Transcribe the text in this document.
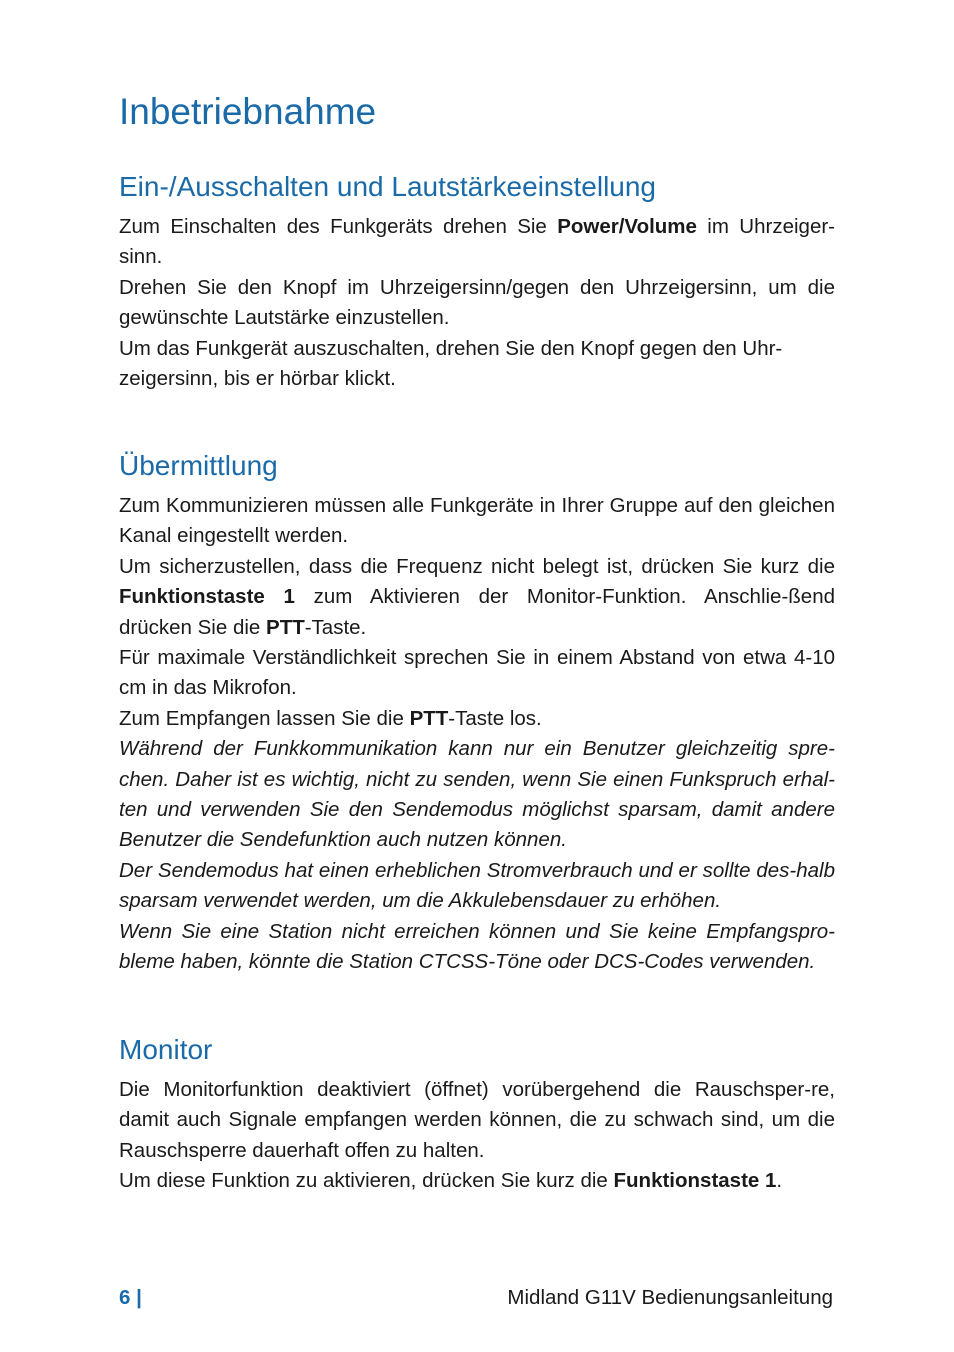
Inbetriebnahme
Ein-/Ausschalten und Lautstärkeeinstellung

Zum Einschalten des Funkgeräts drehen Sie Power/Volume im Uhrzeiger-sinn.

Drehen Sie den Knopf im Uhrzeigersinn/gegen den Uhrzeigersinn, um die gewünschte Lautstärke einzustellen.

Um das Funkgerät auszuschalten, drehen Sie den Knopf gegen den Uhr-zeigersinn, bis er hörbar klickt.

Übermittlung

Zum Kommunizieren müssen alle Funkgeräte in Ihrer Gruppe auf den gleichen Kanal eingestellt werden.

Um sicherzustellen, dass die Frequenz nicht belegt ist, drücken Sie kurz die Funktionstaste 1 zum Aktivieren der Monitor-Funktion. Anschlie-ßend drücken Sie die PTT-Taste.

Für maximale Verständlichkeit sprechen Sie in einem Abstand von etwa 4-10 cm in das Mikrofon.

Zum Empfangen lassen Sie die PTT-Taste los.

Während der Funkkommunikation kann nur ein Benutzer gleichzeitig spre-chen. Daher ist es wichtig, nicht zu senden, wenn Sie einen Funkspruch erhal-ten und verwenden Sie den Sendemodus möglichst sparsam, damit andere Benutzer die Sendefunktion auch nutzen können.

Der Sendemodus hat einen erheblichen Stromverbrauch und er sollte des-halb sparsam verwendet werden, um die Akkulebensdauer zu erhöhen.

Wenn Sie eine Station nicht erreichen können und Sie keine Empfangspro-bleme haben, könnte die Station CTCSS-Töne oder DCS-Codes verwenden.

Monitor

Die Monitorfunktion deaktiviert (öffnet) vorübergehend die Rauschsper-re, damit auch Signale empfangen werden können, die zu schwach sind, um die Rauschsperre dauerhaft offen zu halten.

Um diese Funktion zu aktivieren, drücken Sie kurz die Funktionstaste 1.

6 |	Midland G11V Bedienungsanleitung
